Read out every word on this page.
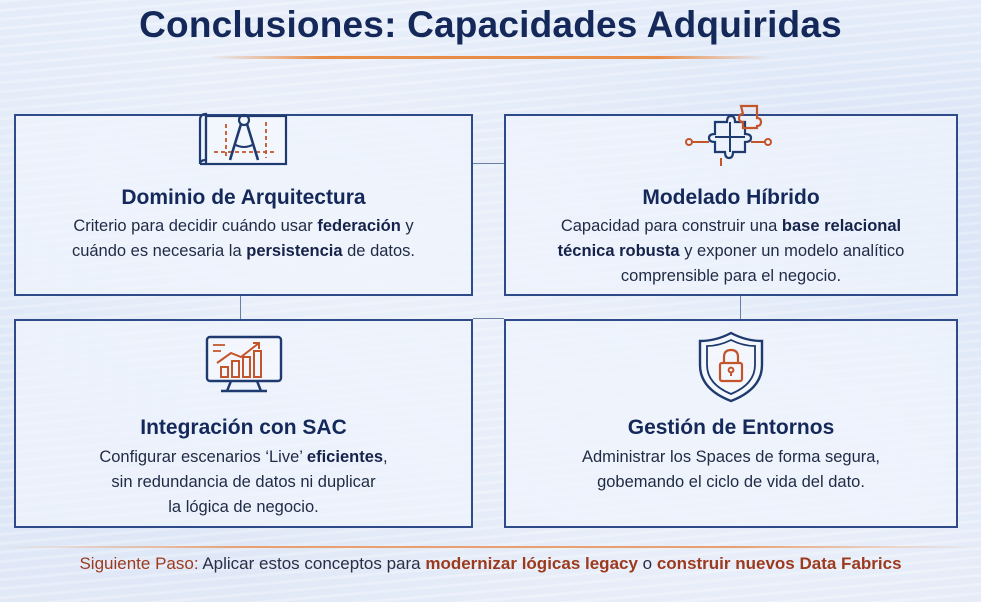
Conclusiones: Capacidades Adquiridas
Dominio de Arquitectura
Criterio para decidir cuándo usar federación y
cuándo es necesaria la persistencia de datos.
Modelado Híbrido
Capacidad para construir una base relacional
técnica robusta y exponer un modelo analítico
comprensible para el negocio.
Integración con SAC
Configurar escenarios ‘Live’ eficientes,
sin redundancia de datos ni duplicar
la lógica de negocio.
Gestión de Entornos
Administrar los Spaces de forma segura,
gobemando el ciclo de vida del dato.
Siguiente Paso: Aplicar estos conceptos para modernizar lógicas legacy o construir nuevos Data Fabrics
